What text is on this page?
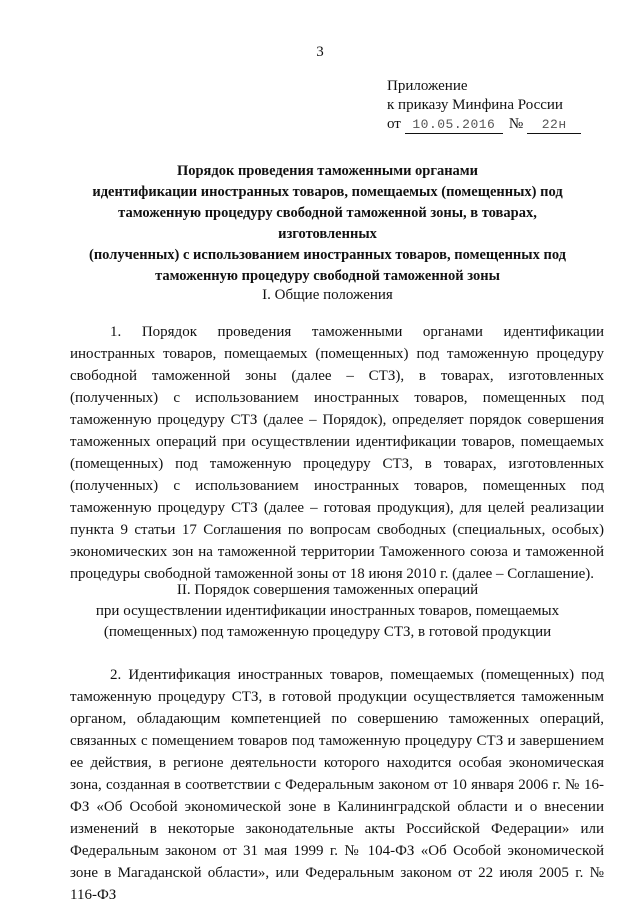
3
Приложение
к приказу Минфина России
от 10.05.2016 №	22н
Порядок проведения таможенными органами
идентификации иностранных товаров, помещаемых (помещенных) под
таможенную процедуру свободной таможенной зоны, в товарах, изготовленных
(полученных) с использованием иностранных товаров, помещенных под
таможенную процедуру свободной таможенной зоны
I. Общие положения
1. Порядок проведения таможенными органами идентификации иностранных товаров, помещаемых (помещенных) под таможенную процедуру свободной таможенной зоны (далее – СТЗ), в товарах, изготовленных (полученных) с использованием иностранных товаров, помещенных под таможенную процедуру СТЗ (далее – Порядок), определяет порядок совершения таможенных операций при осуществлении идентификации товаров, помещаемых (помещенных) под таможенную процедуру СТЗ, в товарах, изготовленных (полученных) с использованием иностранных товаров, помещенных под таможенную процедуру СТЗ (далее – готовая продукция), для целей реализации пункта 9 статьи 17 Соглашения по вопросам свободных (специальных, особых) экономических зон на таможенной территории Таможенного союза и таможенной процедуры свободной таможенной зоны от 18 июня 2010 г. (далее – Соглашение).
II. Порядок совершения таможенных операций
при осуществлении идентификации иностранных товаров, помещаемых
(помещенных) под таможенную процедуру СТЗ, в готовой продукции
2. Идентификация иностранных товаров, помещаемых (помещенных) под таможенную процедуру СТЗ, в готовой продукции осуществляется таможенным органом, обладающим компетенцией по совершению таможенных операций, связанных с помещением товаров под таможенную процедуру СТЗ и завершением ее действия, в регионе деятельности которого находится особая экономическая зона, созданная в соответствии с Федеральным законом от 10 января 2006 г. № 16-ФЗ «Об Особой экономической зоне в Калининградской области и о внесении изменений в некоторые законодательные акты Российской Федерации» или Федеральным законом от 31 мая 1999 г. № 104-ФЗ «Об Особой экономической зоне в Магаданской области», или Федеральным законом от 22 июля 2005 г. № 116-ФЗ
